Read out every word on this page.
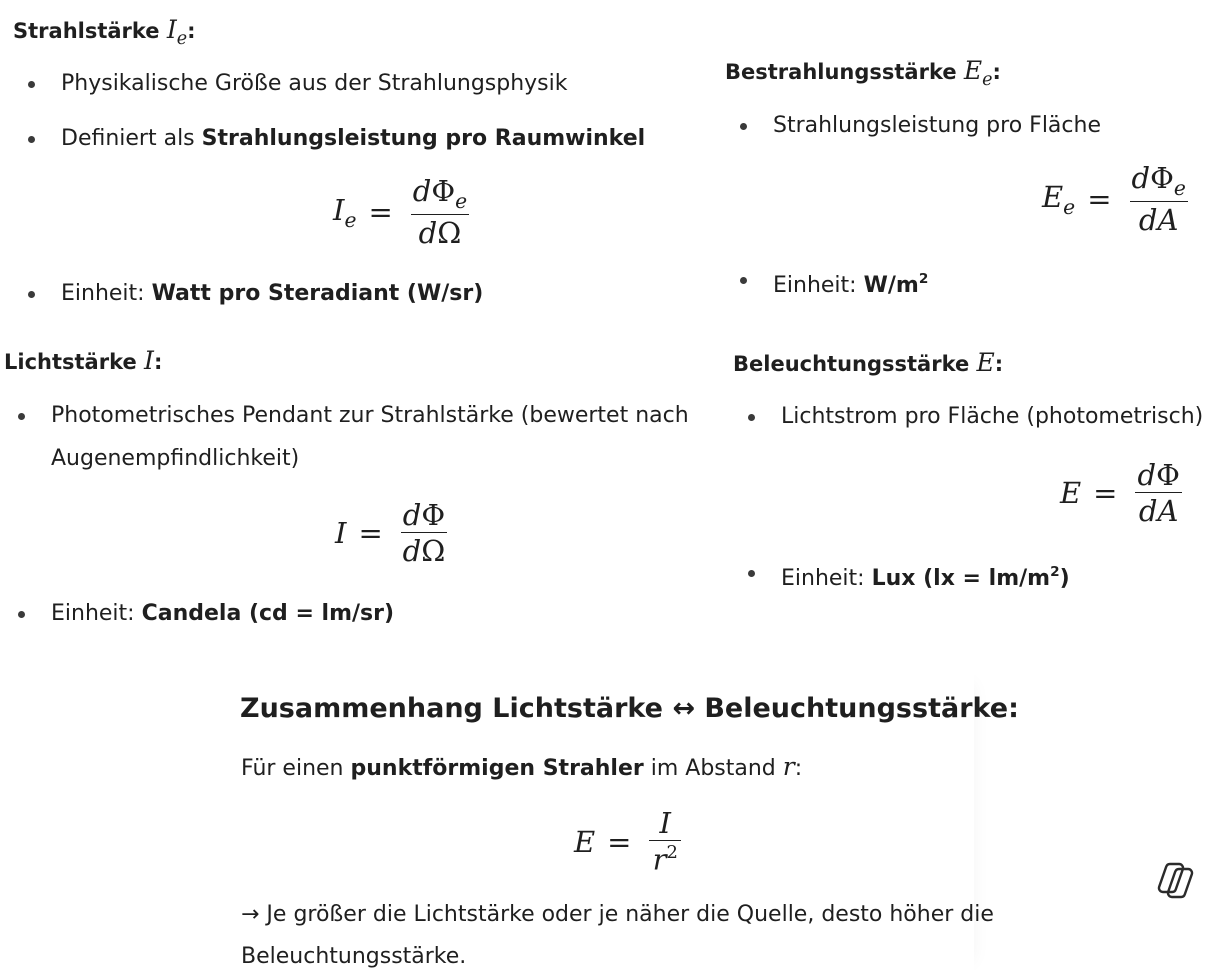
Strahlstärke $I_e$:
Physikalische Größe aus der Strahlungsphysik
Definiert als Strahlungsleistung pro Raumwinkel
$I_e = \frac{d\Phi_e}{d\Omega}$
Einheit: Watt pro Steradiant (W/sr)
Bestrahlungsstärke $E_e$:
Strahlungsleistung pro Fläche
$E_e = \frac{d\Phi_e}{dA}$
Einheit: $W/m^2$
Lichtstärke I:
Photometrisches Pendant zur Strahlstärke (bewertet nach
Augenempfindlichkeit)
$I = \frac{d\Phi}{d\Omega}$
Einheit: Candela (cd = lm/sr)
Beleuchtungsstärke E:
Lichtstrom pro Fläche (photometrisch)
$E = \frac{d\Phi}{dA}$
Einheit: Lux $(lx = lm/m^2)$
Zusammenhang Lichtstärke ↔ Beleuchtungsstärke:
Für einen punktförmigen Strahler im Abstand r:
$E = \frac{I}{r^2}$
→ Je größer die Lichtstärke oder je näher die Quelle, desto höher die
Beleuchtungsstärke.
